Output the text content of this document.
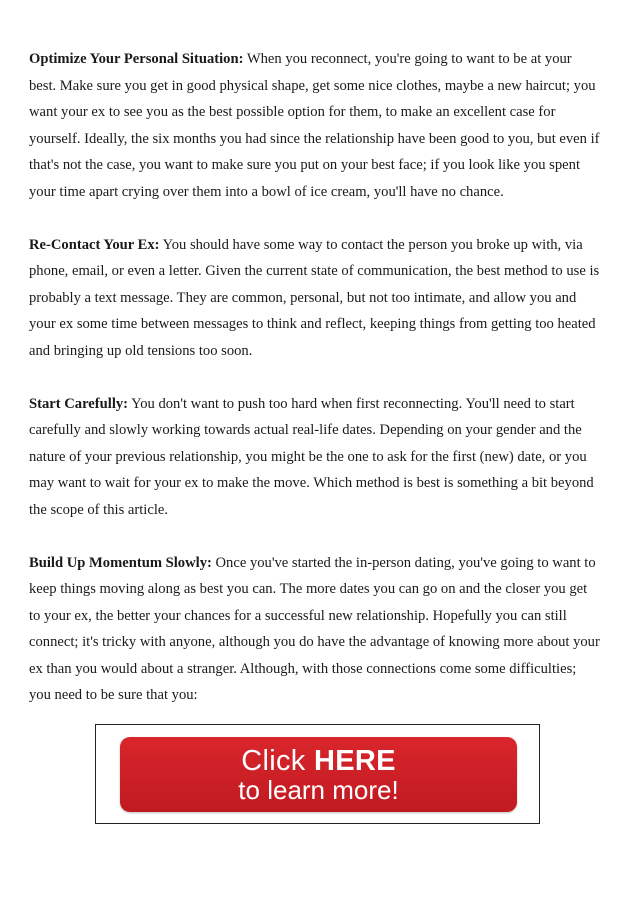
Optimize Your Personal Situation: When you reconnect, you're going to want to be at your best. Make sure you get in good physical shape, get some nice clothes, maybe a new haircut; you want your ex to see you as the best possible option for them, to make an excellent case for yourself. Ideally, the six months you had since the relationship have been good to you, but even if that's not the case, you want to make sure you put on your best face; if you look like you spent your time apart crying over them into a bowl of ice cream, you'll have no chance.

Re-Contact Your Ex: You should have some way to contact the person you broke up with, via phone, email, or even a letter. Given the current state of communication, the best method to use is probably a text message. They are common, personal, but not too intimate, and allow you and your ex some time between messages to think and reflect, keeping things from getting too heated and bringing up old tensions too soon.

Start Carefully: You don't want to push too hard when first reconnecting. You'll need to start carefully and slowly working towards actual real-life dates. Depending on your gender and the nature of your previous relationship, you might be the one to ask for the first (new) date, or you may want to wait for your ex to make the move. Which method is best is something a bit beyond the scope of this article.

Build Up Momentum Slowly: Once you've started the in-person dating, you've going to want to keep things moving along as best you can. The more dates you can go on and the closer you get to your ex, the better your chances for a successful new relationship. Hopefully you can still connect; it's tricky with anyone, although you do have the advantage of knowing more about your ex than you would about a stranger. Although, with those connections come some difficulties; you need to be sure that you:

Click HERE
to learn more!
